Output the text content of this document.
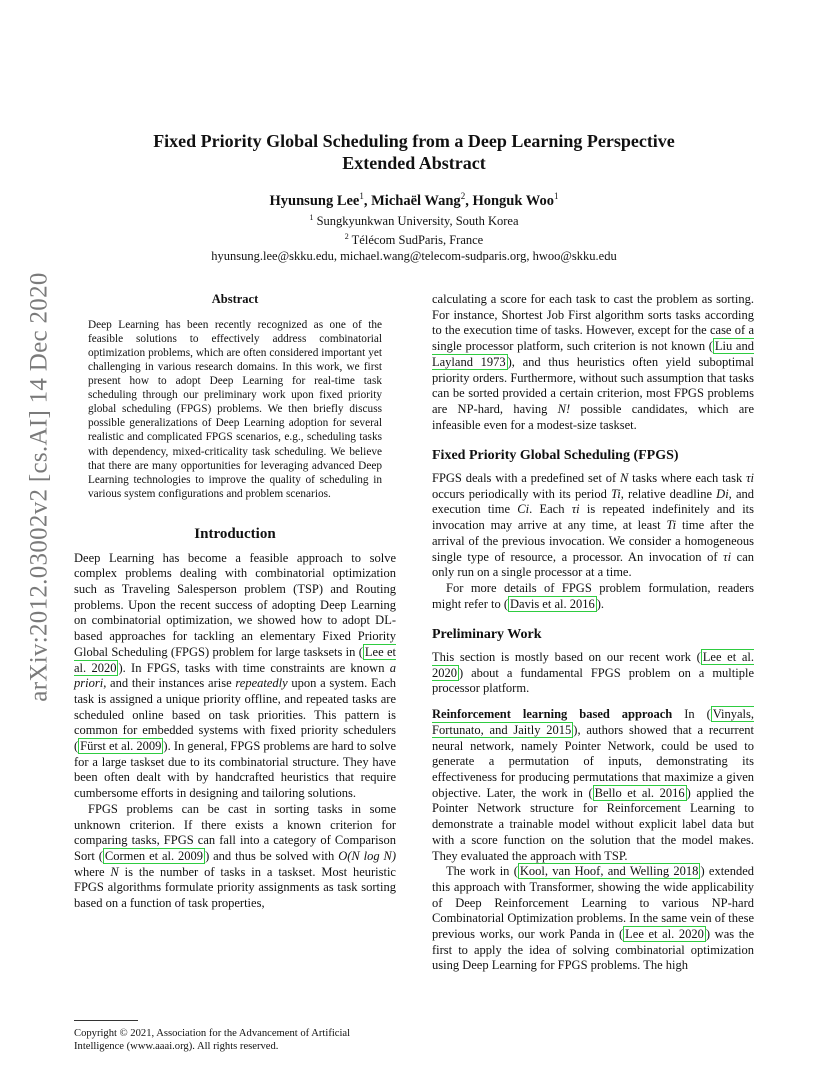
arXiv:2012.03002v2 [cs.AI] 14 Dec 2020
Fixed Priority Global Scheduling from a Deep Learning Perspective
Extended Abstract
Hyunsung Lee$^1$, Michaël Wang$^2$, Honguk Woo$^1$
$^1$ Sungkyunkwan University, South Korea
$^2$ Télécom SudParis, France
hyunsung.lee@skku.edu, michael.wang@telecom-sudparis.org, hwoo@skku.edu
Abstract

Deep Learning has been recently recognized as one of the feasible solutions to effectively address combinatorial optimization problems, which are often considered important yet challenging in various research domains. In this work, we first present how to adopt Deep Learning for real-time task scheduling through our preliminary work upon fixed priority global scheduling (FPGS) problems. We then briefly discuss possible generalizations of Deep Learning adoption for several realistic and complicated FPGS scenarios, e.g., scheduling tasks with dependency, mixed-criticality task scheduling. We believe that there are many opportunities for leveraging advanced Deep Learning technologies to improve the quality of scheduling in various system configurations and problem scenarios.

Introduction

Deep Learning has become a feasible approach to solve complex problems dealing with combinatorial optimization such as Traveling Salesperson problem (TSP) and Routing problems. Upon the recent success of adopting Deep Learning on combinatorial optimization, we showed how to adopt DL-based approaches for tackling an elementary Fixed Priority Global Scheduling (FPGS) problem for large tasksets in ( Lee et al. 2020 ). In FPGS, tasks with time constraints are known a priori, and their instances arise repeatedly upon a system. Each task is assigned a unique priority offline, and repeated tasks are scheduled online based on task priorities. This pattern is common for embedded systems with fixed priority schedulers ( Fürst et al. 2009 ). In general, FPGS problems are hard to solve for a large taskset due to its combinatorial structure. They have been often dealt with by handcrafted heuristics that require cumbersome efforts in designing and tailoring solutions.

FPGS problems can be cast in sorting tasks in some unknown criterion. If there exists a known criterion for comparing tasks, FPGS can fall into a category of Comparison Sort ( Cormen et al. 2009 ) and thus be solved with O(N log N) where N is the number of tasks in a taskset. Most heuristic FPGS algorithms formulate priority assignments as task sorting based on a function of task properties,

Copyright © 2021, Association for the Advancement of Artificial Intelligence (www.aaai.org). All rights reserved.

calculating a score for each task to cast the problem as sorting. For instance, Shortest Job First algorithm sorts tasks according to the execution time of tasks. However, except for the case of a single processor platform, such criterion is not known ( Liu and Layland 1973 ), and thus heuristics often yield suboptimal priority orders. Furthermore, without such assumption that tasks can be sorted provided a certain criterion, most FPGS problems are NP-hard, having N! possible candidates, which are infeasible even for a modest-size taskset.

Fixed Priority Global Scheduling (FPGS)

FPGS deals with a predefined set of N tasks where each task τi occurs periodically with its period Ti, relative deadline Di, and execution time Ci. Each τi is repeated indefinitely and its invocation may arrive at any time, at least Ti time after the arrival of the previous invocation. We consider a homogeneous single type of resource, a processor. An invocation of τi can only run on a single processor at a time.

For more details of FPGS problem formulation, readers might refer to ( Davis et al. 2016 ).

Preliminary Work

This section is mostly based on our recent work ( Lee et al. 2020 ) about a fundamental FPGS problem on a multiple processor platform.

Reinforcement learning based approach In ( Vinyals, Fortunato, and Jaitly 2015 ), authors showed that a recurrent neural network, namely Pointer Network, could be used to generate a permutation of inputs, demonstrating its effectiveness for producing permutations that maximize a given objective. Later, the work in ( Bello et al. 2016 ) applied the Pointer Network structure for Reinforcement Learning to demonstrate a trainable model without explicit label data but with a score function on the solution that the model makes. They evaluated the approach with TSP.

The work in ( Kool, van Hoof, and Welling 2018 ) extended this approach with Transformer, showing the wide applicability of Deep Reinforcement Learning to various NP-hard Combinatorial Optimization problems. In the same vein of these previous works, our work Panda in ( Lee et al. 2020 ) was the first to apply the idea of solving combinatorial optimization using Deep Learning for FPGS problems. The high
